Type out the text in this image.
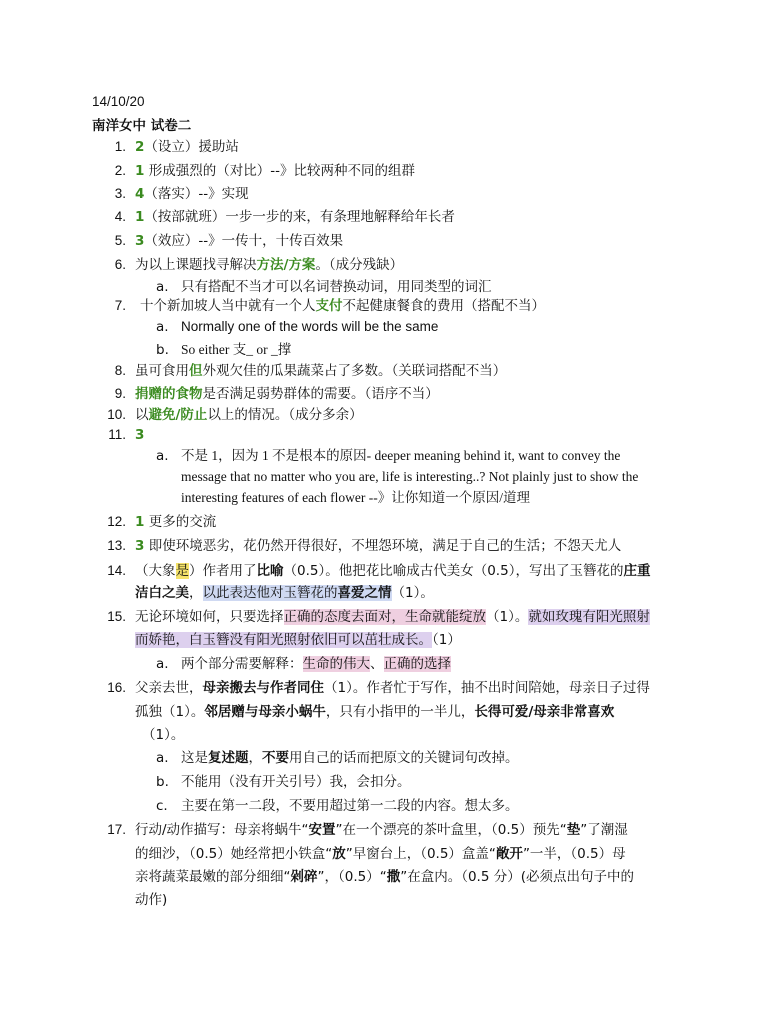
14/10/20
南洋女中 试卷二
1. 2（设立）援助站
2. 1 形成强烈的（对比）--》比较两种不同的组群
3. 4（落实）--》实现
4. 1（按部就班）一步一步的来，有条理地解释给年长者
5. 3（效应）--》一传十，十传百效果
6. 为以上课题找寻解决方法/方案。（成分残缺）
a. 只有搭配不当才可以名词替换动词，用同类型的词汇
7. 十个新加坡人当中就有一个人支付不起健康餐食的费用（搭配不当）
a. Normally one of the words will be the same
b. So either 支_ or _撑
8. 虽可食用但外观欠佳的瓜果蔬菜占了多数。（关联词搭配不当）
9. 捐赠的食物是否满足弱势群体的需要。（语序不当）
10. 以避免/防止以上的情况。（成分多余）
11. 3
a. 不是 1，因为 1 不是根本的原因- deeper meaning behind it, want to convey the
message that no matter who you are, life is interesting..? Not plainly just to show the
interesting features of each flower --》让你知道一个原因/道理
12. 1 更多的交流
13. 3 即使环境恶劣，花仍然开得很好，不埋怨环境，满足于自己的生活；不怨天尤人
14. （大象是）作者用了比喻（0.5）。他把花比喻成古代美女（0.5），写出了玉簪花的庄重
洁白之美，以此表达他对玉簪花的喜爱之情（1）。
15. 无论环境如何，只要选择正确的态度去面对，生命就能绽放（1）。就如玫瑰有阳光照射
而娇艳，白玉簪没有阳光照射依旧可以茁壮成长。（1）
a. 两个部分需要解释：生命的伟大、正确的选择
16. 父亲去世，母亲搬去与作者同住（1）。作者忙于写作，抽不出时间陪她，母亲日子过得
孤独（1）。邻居赠与母亲小蜗牛，只有小指甲的一半儿，长得可爱/母亲非常喜欢
（1）。
a. 这是复述题，不要用自己的话而把原文的关键词句改掉。
b. 不能用（没有开关引号）我，会扣分。
c. 主要在第一二段，不要用超过第一二段的内容。想太多。
17. 行动/动作描写：母亲将蜗牛“安置”在一个漂亮的茶叶盒里，（0.5）预先“垫”了潮湿
的细沙，（0.5）她经常把小铁盒“放”早窗台上，（0.5）盒盖“敞开”一半，（0.5）母
亲将蔬菜最嫩的部分细细“剁碎”，（0.5）“撒”在盒内。（0.5 分）(必须点出句子中的
动作)
